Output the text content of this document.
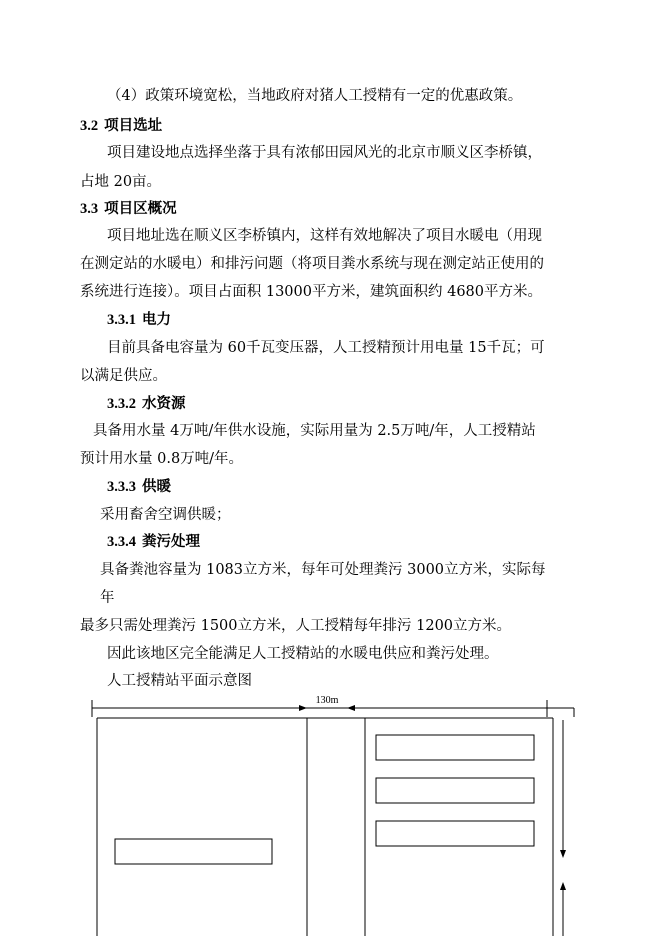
（4）政策环境宽松，当地政府对猪人工授精有一定的优惠政策。
3.2 项目选址
项目建设地点选择坐落于具有浓郁田园风光的北京市顺义区李桥镇，
占地 20亩。
3.3 项目区概况
项目地址选在顺义区李桥镇内，这样有效地解决了项目水暖电（用现
在测定站的水暖电）和排污问题（将项目粪水系统与现在测定站正使用的
系统进行连接）。项目占面积 13000平方米，建筑面积约 4680平方米。
3.3.1 电力
目前具备电容量为 60千瓦变压器，人工授精预计用电量 15千瓦；可
以满足供应。
3.3.2 水资源
具备用水量 4万吨/年供水设施，实际用量为 2.5万吨/年，人工授精站
预计用水量 0.8万吨/年。
3.3.3 供暖
采用畜舍空调供暖；
3.3.4 粪污处理
具备粪池容量为 1083立方米，每年可处理粪污 3000立方米，实际每
年
最多只需处理粪污 1500立方米，人工授精每年排污 1200立方米。
因此该地区完全能满足人工授精站的水暖电供应和粪污处理。
人工授精站平面示意图
130m
